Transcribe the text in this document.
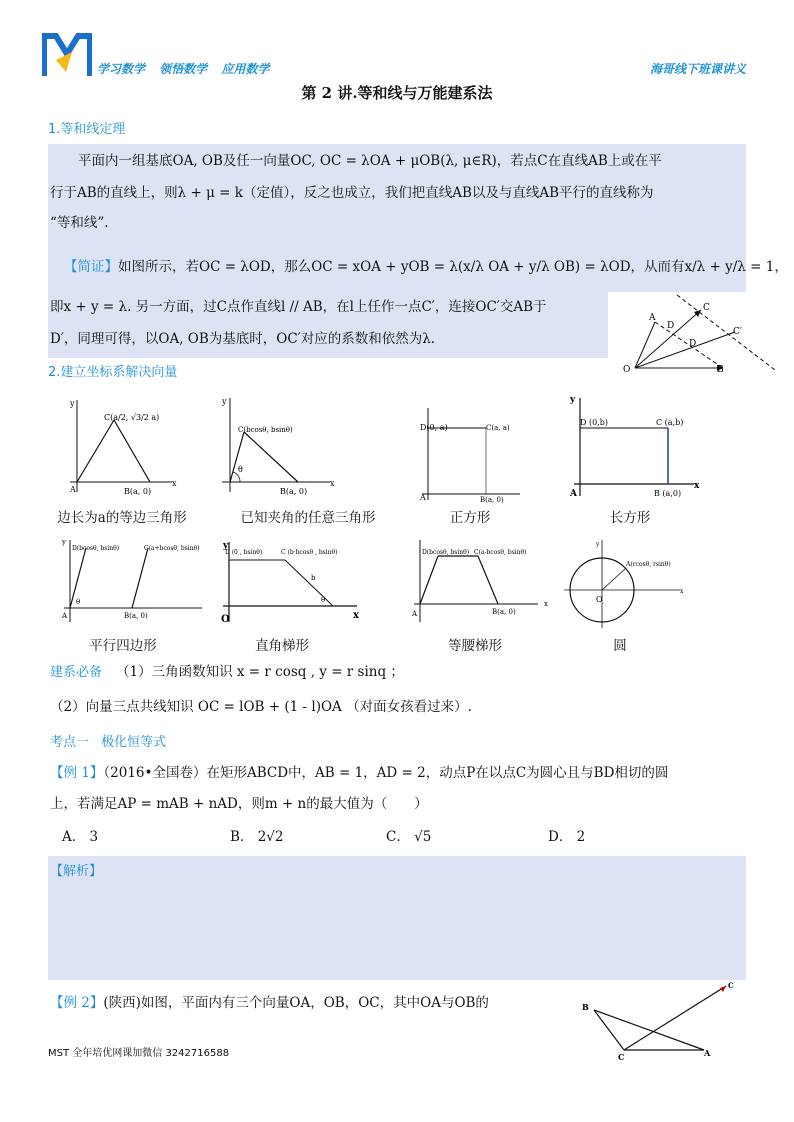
学习数学 领悟数学 应用数学	海哥线下班课讲义
第 2 讲.等和线与万能建系法
1.等和线定理
平面内一组基底OA, OB及任一向量OC, OC = λOA + μOB(λ, μ∈R)，若点C在直线AB上或在平
行于AB的直线上，则λ + μ = k（定值），反之也成立，我们把直线AB以及与直线AB平行的直线称为
“等和线”.
【简证】如图所示，若OC = λOD，那么OC = xOA + yOB = λ(x/λ OA + y/λ OB) = λOD，从而有x/λ + y/λ = 1，
即x + y = λ. 另一方面，过C点作直线l // AB，在l上任作一点C′，连接OC′交AB于
D′，同理可得，以OA, OB为基底时，OC′对应的系数和依然为λ.
A
C
D
D
C′
O	B
2.建立坐标系解决向量
y
x
A
C(a/2, √3/2 a)
B(a, 0)
y
x
θ
C(bcosθ, bsinθ)
B(a, 0)
D(0, a)	C(a, a)
B(a, 0)
A
y
x
D (0,b)	C (a,b)
B (a,0)
A
边长为a的等边三角形	已知夹角的任意三角形	正方形	长方形
y
D(bcosθ, bsinθ)	C(a+bcosθ, bsinθ)
B(a, 0)
A
θ
y
x
O
D (0 , bsinθ)	C (b·bcosθ , bsinθ)
b
θ
D(bcosθ, bsinθ) C(a-bcosθ, bsinθ)
B(a, 0)
x
A
A(rcosθ, rsinθ)
O
y
x
平行四边形	直角梯形	等腰梯形	圆
建系必备 （1）三角函数知识 x = r cosq , y = r sinq ；
（2）向量三点共线知识 OC = lOB + (1 - l)OA （对面女孩看过来）.
考点一 极化恒等式
【例 1】（2016•全国卷）在矩形ABCD中，AB = 1，AD = 2，动点P在以点C为圆心且与BD相切的圆
上，若满足AP = mAB + nAD，则m + n的最大值为（　　）
A． 3	B． 2√2	C． √5	D． 2
【解析】
【例 2】(陕西)如图，平面内有三个向量OA，OB，OC，其中OA与OB的	B
C	A
C
MST 全年培优网课加微信 3242716588
